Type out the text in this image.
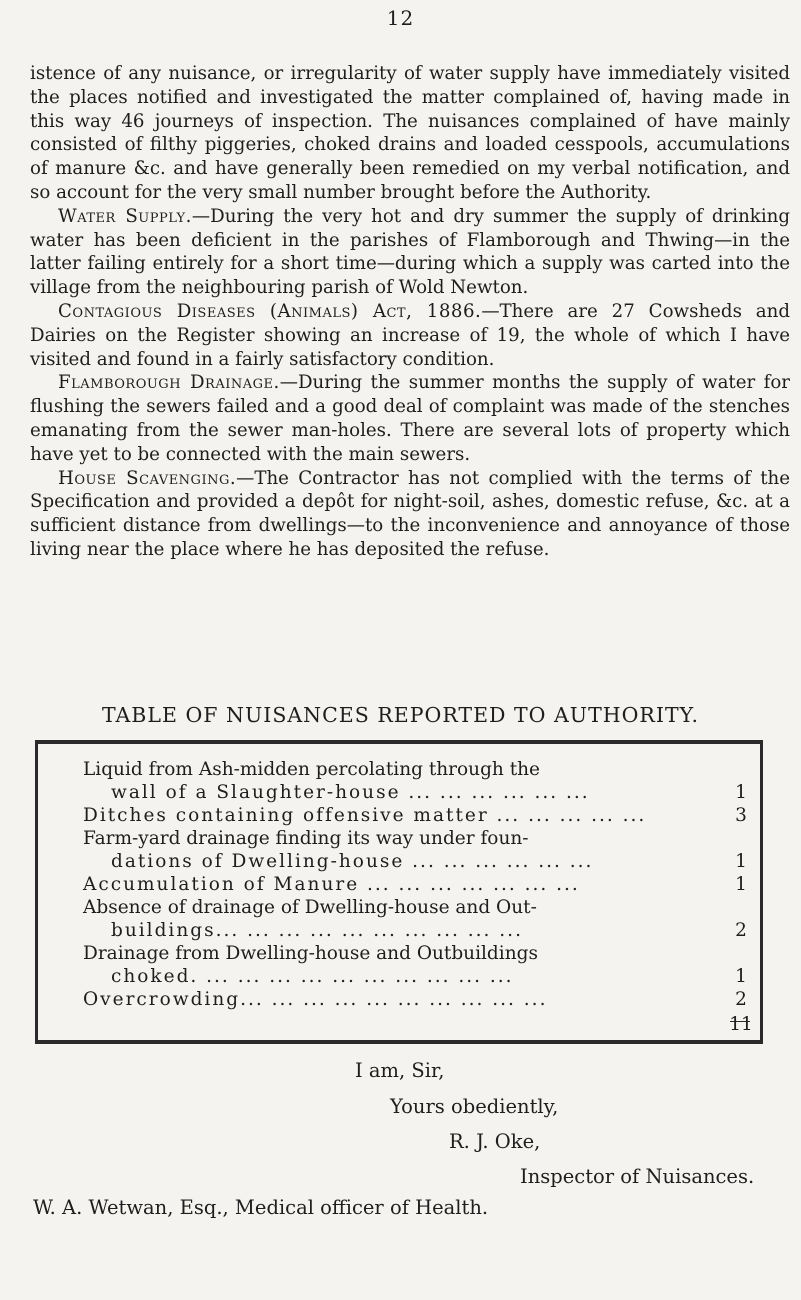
12

istence of any nuisance, or irregularity of water supply have immediately visited the places notified and investigated the matter complained of, having made in this way 46 journeys of inspection. The nuisances complained of have mainly consisted of filthy piggeries, choked drains and loaded cesspools, accumulations of manure &c. and have generally been remedied on my verbal notification, and so account for the very small number brought before the Authority.

Water Supply.—During the very hot and dry summer the supply of drinking water has been deficient in the parishes of Flamborough and Thwing—in the latter failing entirely for a short time—during which a supply was carted into the village from the neighbouring parish of Wold Newton.

Contagious Diseases (Animals) Act, 1886.—There are 27 Cowsheds and Dairies on the Register showing an increase of 19, the whole of which I have visited and found in a fairly satisfactory condition.

Flamborough Drainage.—During the summer months the supply of water for flushing the sewers failed and a good deal of complaint was made of the stenches emanating from the sewer man-holes. There are several lots of property which have yet to be connected with the main sewers.

House Scavenging.—The Contractor has not complied with the terms of the Specification and provided a depôt for night-soil, ashes, domestic refuse, &c. at a sufficient distance from dwellings—to the inconvenience and annoyance of those living near the place where he has deposited the refuse.

TABLE OF NUISANCES REPORTED TO AUTHORITY.
Liquid from Ash-midden percolating through the
wall of a Slaughter-house ... ... ... ... ... ...	1
Ditches containing offensive matter ... ... ... ... ...	3
Farm-yard drainage finding its way under foun-
dations of Dwelling-house ... ... ... ... ... ...	1
Accumulation of Manure ... ... ... ... ... ... ...	1
Absence of drainage of Dwelling-house and Out-
buildings... ... ... ... ... ... ... ... ... ...	2
Drainage from Dwelling-house and Outbuildings
choked. ... ... ... ... ... ... ... ... ... ...	1
Overcrowding... ... ... ... ... ... ... ... ... ...	2
11
I am, Sir,
Yours obediently,
R. J. Oke,
Inspector of Nuisances.
W. A. Wetwan, Esq., Medical officer of Health.
